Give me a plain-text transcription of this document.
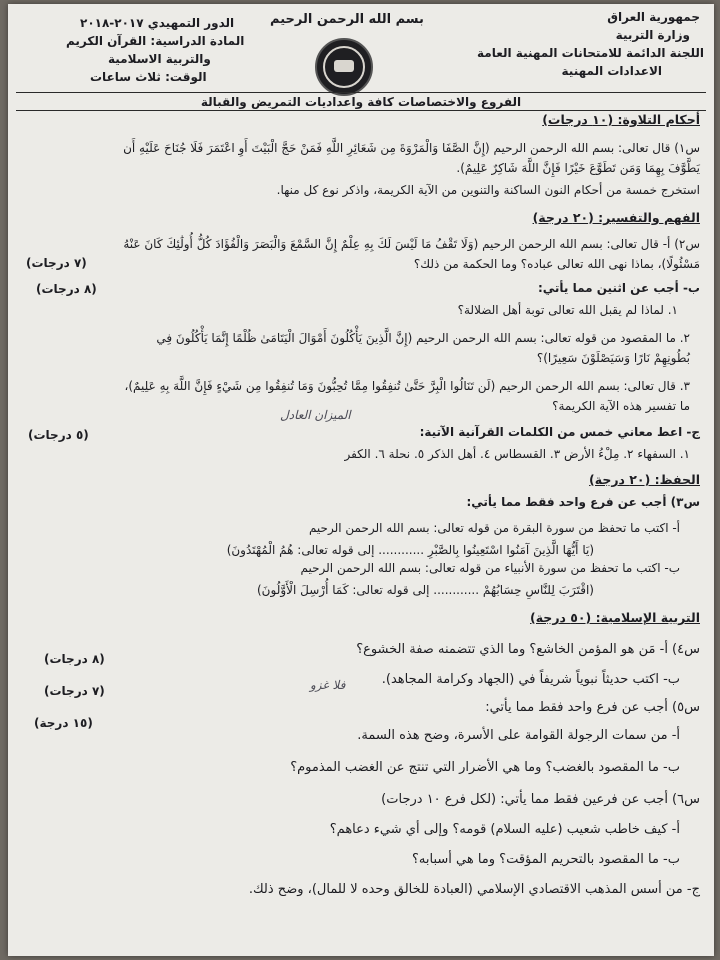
جمهورية العراق
وزارة التربية
اللجنة الدائمة للامتحانات المهنية العامة
الاعدادات المهنية
بسم الله الرحمن الرحيم
الدور التمهيدي ٢٠١٧-٢٠١٨
المادة الدراسية: القرآن الكريم
والتربية الاسلامية
الوقت: ثلاث ساعات
الفروع والاختصاصات كافة واعداديات التمريض والقبالة
أحكام التلاوة: (١٠ درجات)
س١) قال تعالى: بسم الله الرحمن الرحيم (إِنَّ الصَّفَا وَالْمَرْوَةَ مِن شَعَائِرِ اللَّهِ فَمَنْ حَجَّ الْبَيْتَ أَوِ اعْتَمَرَ فَلَا جُنَاحَ عَلَيْهِ أَن
يَطَّوَّفَ بِهِمَا وَمَن تَطَوَّعَ خَيْرًا فَإِنَّ اللَّهَ شَاكِرٌ عَلِيمٌ).
استخرج خمسة من أحكام النون الساكنة والتنوين من الآية الكريمة، واذكر نوع كل منها.
الفهم والتفسير: (٢٠ درجة)
س٢) أ- قال تعالى: بسم الله الرحمن الرحيم (وَلَا تَقْفُ مَا لَيْسَ لَكَ بِهِ عِلْمٌ إِنَّ السَّمْعَ وَالْبَصَرَ وَالْفُؤَادَ كُلُّ أُولَٰئِكَ كَانَ عَنْهُ
مَسْئُولًا)، بماذا نهى الله تعالى عباده؟ وما الحكمة من ذلك؟
(٧ درجات)
ب- أجب عن اثنين مما يأتي:
(٨ درجات)
١. لماذا لم يقبل الله تعالى توبة أهل الضلالة؟
٢. ما المقصود من قوله تعالى: بسم الله الرحمن الرحيم (إِنَّ الَّذِينَ يَأْكُلُونَ أَمْوَالَ الْيَتَامَىٰ ظُلْمًا إِنَّمَا يَأْكُلُونَ فِي
بُطُونِهِمْ نَارًا وَسَيَصْلَوْنَ سَعِيرًا)؟
٣. قال تعالى: بسم الله الرحمن الرحيم (لَن تَنَالُوا الْبِرَّ حَتَّىٰ تُنفِقُوا مِمَّا تُحِبُّونَ وَمَا تُنفِقُوا مِن شَيْءٍ فَإِنَّ اللَّهَ بِهِ عَلِيمٌ)،
ما تفسير هذه الآية الكريمة؟
الميزان العادل
ج- اعط معاني خمس من الكلمات القرآنية الآتية:
(٥ درجات)
١. السفهاء ٢. مِلْءُ الأرض ٣. القسطاس ٤. أهل الذكر ٥. نحلة ٦. الكفر
الحفظ: (٢٠ درجة)
س٣) أجب عن فرع واحد فقط مما يأتي:
أ- اكتب ما تحفظ من سورة البقرة من قوله تعالى: بسم الله الرحمن الرحيم
(يَا أَيُّهَا الَّذِينَ آمَنُوا اسْتَعِينُوا بِالصَّبْرِ ............ إلى قوله تعالى: هُمُ الْمُهْتَدُونَ)
ب- اكتب ما تحفظ من سورة الأنبياء من قوله تعالى: بسم الله الرحمن الرحيم
(اقْتَرَبَ لِلنَّاسِ حِسَابُهُمْ ............ إلى قوله تعالى: كَمَا أُرْسِلَ الْأَوَّلُونَ)
التربية الإسلامية: (٥٠ درجة)
س٤) أ- مَن هو المؤمن الخاشع؟ وما الذي تتضمنه صفة الخشوع؟
(٨ درجات)
ب- اكتب حديثاً نبوياً شريفاً في (الجهاد وكرامة المجاهد).
فلا غزو
(٧ درجات)
س٥) أجب عن فرع واحد فقط مما يأتي:
(١٥ درجة)
أ- من سمات الرجولة القوامة على الأسرة، وضح هذه السمة.
ب- ما المقصود بالغضب؟ وما هي الأضرار التي تنتج عن الغضب المذموم؟
س٦) أجب عن فرعين فقط مما يأتي: (لكل فرع ١٠ درجات)
أ- كيف خاطب شعيب (عليه السلام) قومه؟ وإلى أي شيء دعاهم؟
ب- ما المقصود بالتحريم المؤقت؟ وما هي أسبابه؟
ج- من أسس المذهب الاقتصادي الإسلامي (العبادة للخالق وحده لا للمال)، وضح ذلك.
